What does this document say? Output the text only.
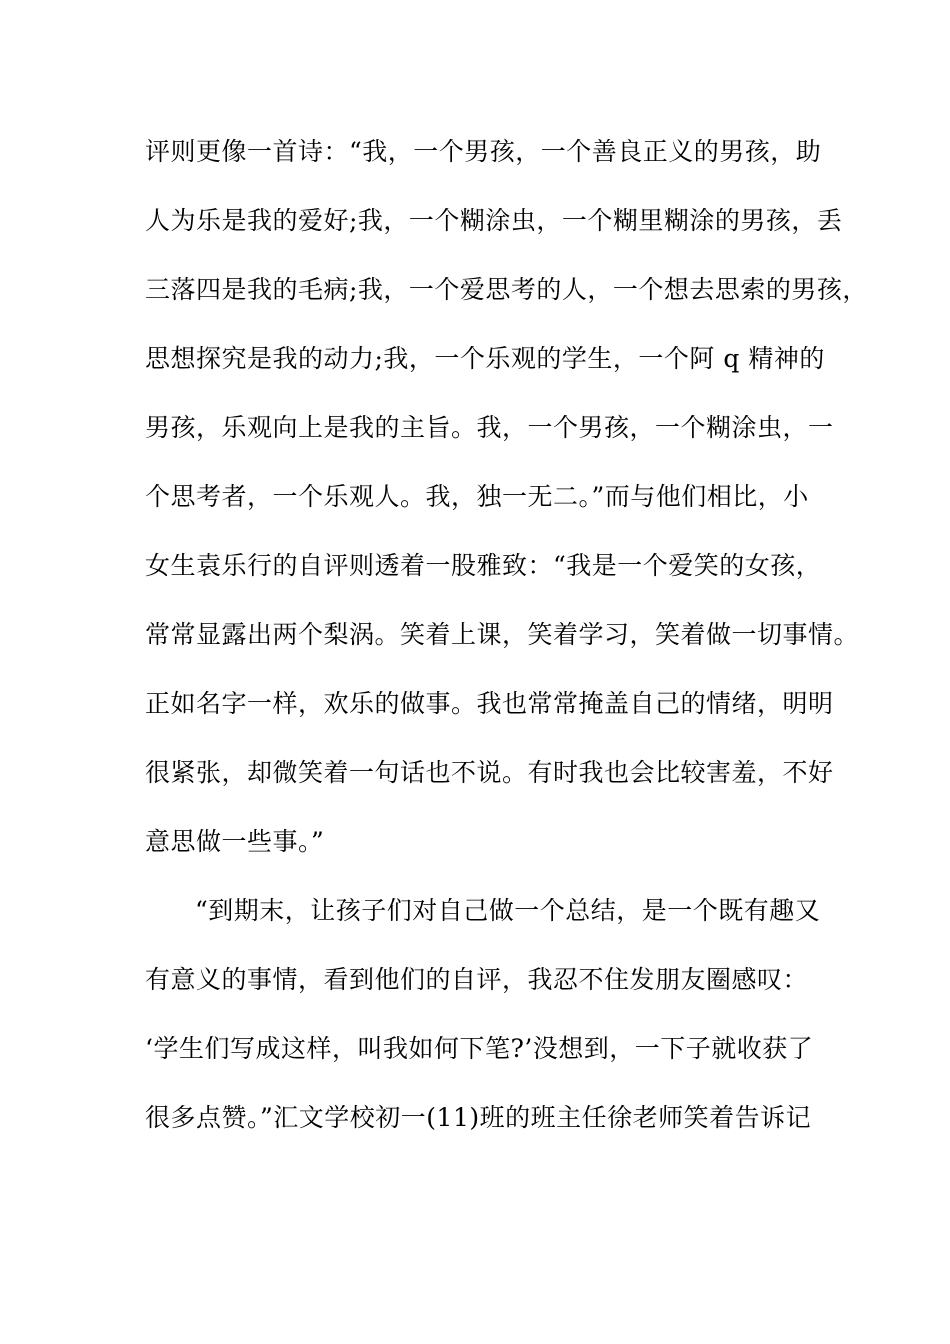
评则更像一首诗：“我，一个男孩，一个善良正义的男孩，助
人为乐是我的爱好;我，一个糊涂虫，一个糊里糊涂的男孩，丢
三落四是我的毛病;我，一个爱思考的人，一个想去思索的男孩，
思想探究是我的动力;我，一个乐观的学生，一个阿 q 精神的
男孩，乐观向上是我的主旨。我，一个男孩，一个糊涂虫，一
个思考者，一个乐观人。我，独一无二。”而与他们相比，小
女生袁乐行的自评则透着一股雅致：“我是一个爱笑的女孩，
常常显露出两个梨涡。笑着上课，笑着学习，笑着做一切事情。
正如名字一样，欢乐的做事。我也常常掩盖自己的情绪，明明
很紧张，却微笑着一句话也不说。有时我也会比较害羞，不好
意思做一些事。”
“到期末，让孩子们对自己做一个总结，是一个既有趣又
有意义的事情，看到他们的自评，我忍不住发朋友圈感叹：
‘学生们写成这样，叫我如何下笔?’没想到，一下子就收获了
很多点赞。”汇文学校初一(11)班的班主任徐老师笑着告诉记
